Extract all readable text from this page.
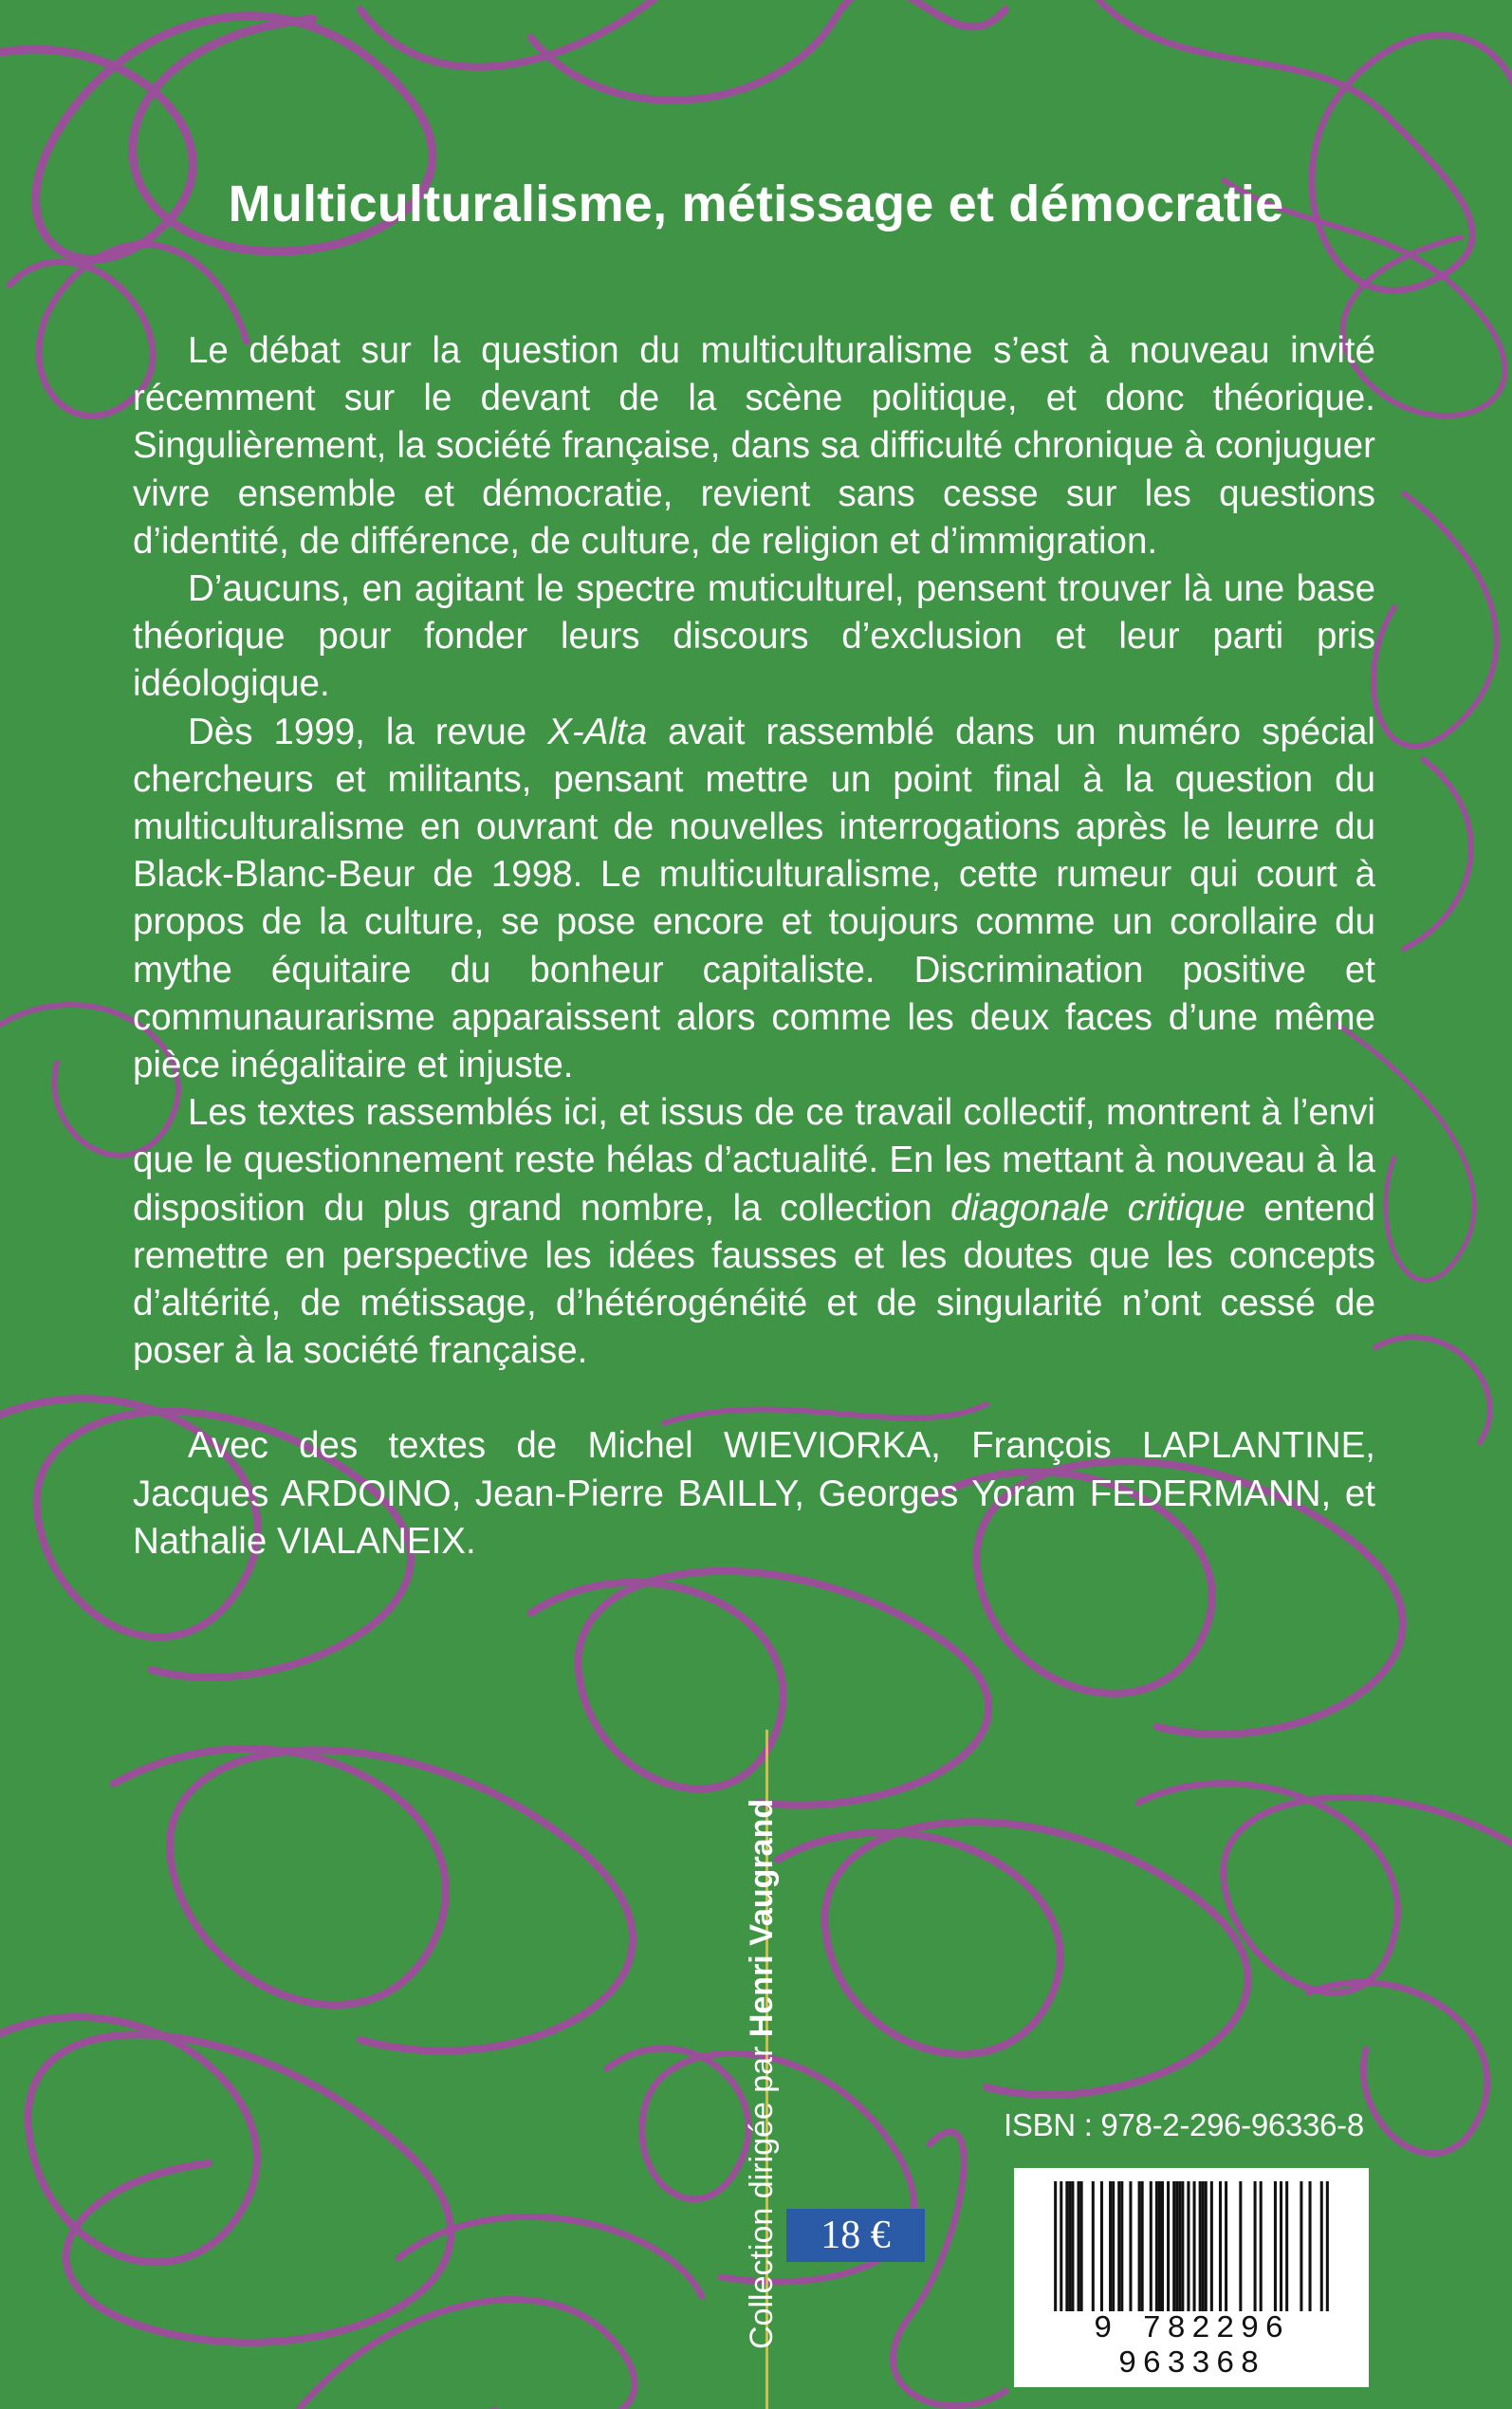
Multiculturalisme, métissage et démocratie

Le débat sur la question du multiculturalisme s’est à nouveau invité récemment sur le devant de la scène politique, et donc théorique. Singulièrement, la société française, dans sa difficulté chronique à conjuguer vivre ensemble et démocratie, revient sans cesse sur les questions d’identité, de différence, de culture, de religion et d’immigration.

D’aucuns, en agitant le spectre muticulturel, pensent trouver là une base théorique pour fonder leurs discours d’exclusion et leur parti pris idéologique.

Dès 1999, la revue X-Alta avait rassemblé dans un numéro spécial chercheurs et militants, pensant mettre un point final à la question du multiculturalisme en ouvrant de nouvelles interrogations après le leurre du Black-Blanc-Beur de 1998. Le multiculturalisme, cette rumeur qui court à propos de la culture, se pose encore et toujours comme un corollaire du mythe équitaire du bonheur capitaliste. Discrimination positive et communaurarisme apparaissent alors comme les deux faces d’une même pièce inégalitaire et injuste.

Les textes rassemblés ici, et issus de ce travail collectif, montrent à l’envi que le questionnement reste hélas d’actualité. En les mettant à nouveau à la disposition du plus grand nombre, la collection diagonale critique entend remettre en perspective les idées fausses et les doutes que les concepts d’altérité, de métissage, d’hétérogénéité et de singularité n’ont cessé de poser à la société française.

Avec des textes de Michel WIEVIORKA, François LAPLANTINE, Jacques ARDOINO, Jean-Pierre BAILLY, Georges Yoram FEDERMANN, et Nathalie VIALANEIX.

Collection dirigée par Henri Vaugrand
18 €
ISBN : 978-2-296-96336-8
9 782296 963368
